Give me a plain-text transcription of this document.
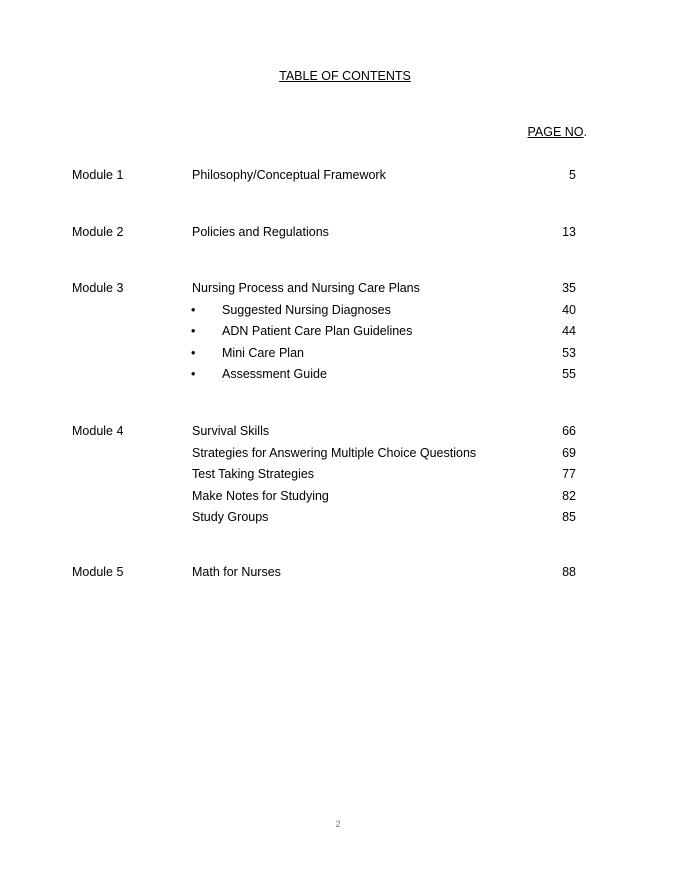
TABLE OF CONTENTS
PAGE NO.
Module 1	Philosophy/Conceptual Framework	5
Module 2	Policies and Regulations	13
Module 3	Nursing Process and Nursing Care Plans	35
• Suggested Nursing Diagnoses	40
• ADN Patient Care Plan Guidelines	44
• Mini Care Plan	53
• Assessment Guide	55
Module 4	Survival Skills	66
Strategies for Answering Multiple Choice Questions	69
Test Taking Strategies	77
Make Notes for Studying	82
Study Groups	85
Module 5	Math for Nurses	88
2
